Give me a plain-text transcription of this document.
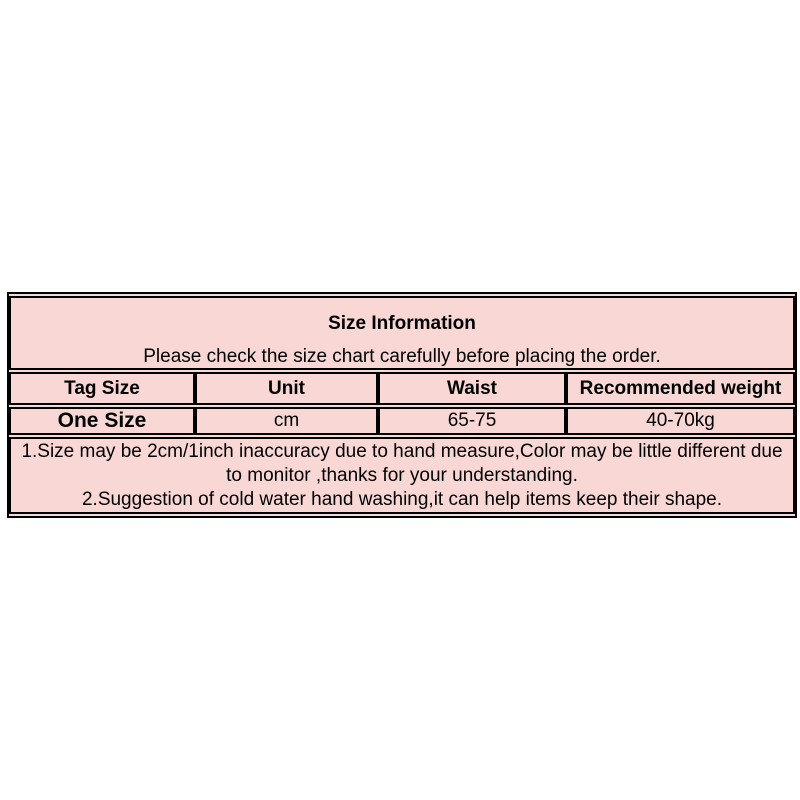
Size Information
Please check the size chart carefully before placing the order.			

Tag Size	Unit	Waist	Recommended weight
One Size	cm	65-75	40-70kg

1.Size may be 2cm/1inch inaccuracy due to hand measure,Color may be little different due
to monitor ,thanks for your understanding.
2.Suggestion of cold water hand washing,it can help items keep their shape.			
